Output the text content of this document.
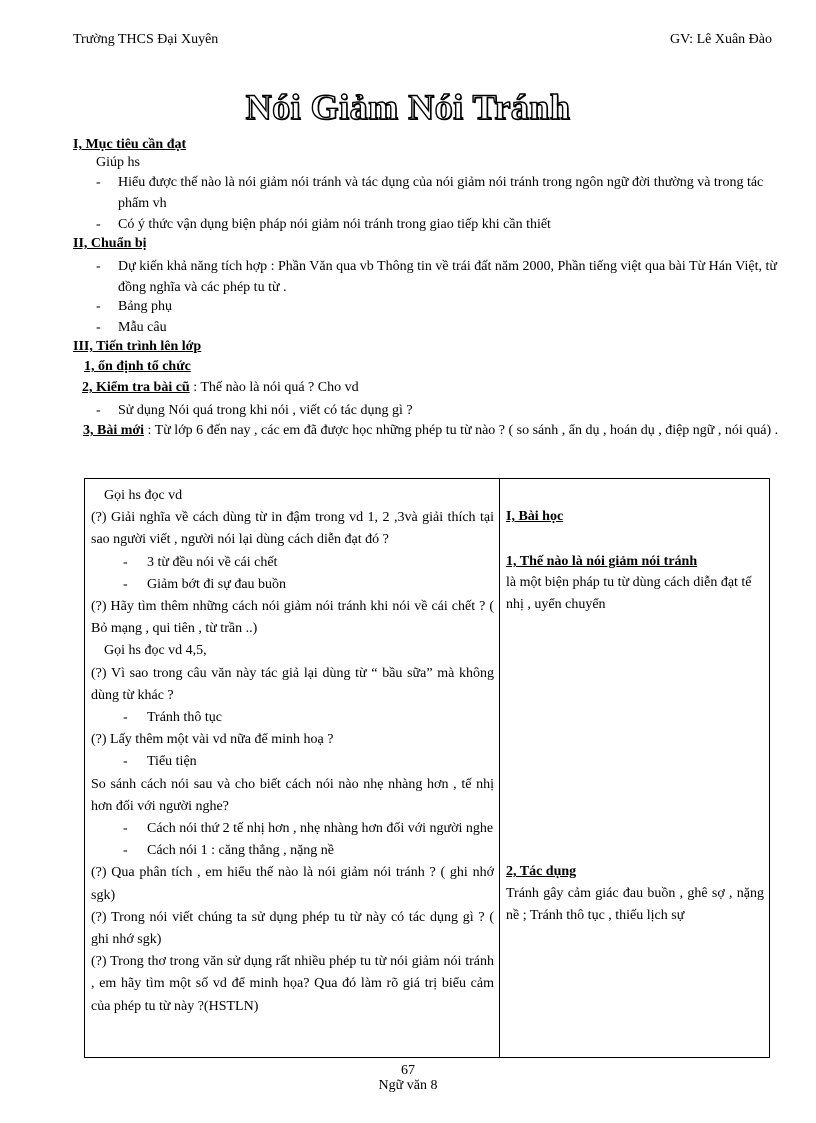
Trường THCS Đại Xuyên	GV: Lê Xuân Đào
Nói Giảm Nói Tránh
I, Mục tiêu cần đạt
Giúp hs
- Hiểu được thế nào là nói giảm nói tránh và tác dụng của nói giảm nói tránh trong ngôn ngữ đời thường và trong tác phẩm vh
- Có ý thức vận dụng biện pháp nói giảm nói tránh trong giao tiếp khi cần thiết
II, Chuẩn bị
- Dự kiến khả năng tích hợp : Phần Văn qua vb Thông tin về trái đất năm 2000, Phần tiếng việt qua bài Từ Hán Việt, từ đồng nghĩa và các phép tu từ .
- Bảng phụ
- Mẫu câu
III, Tiến trình lên lớp
1, ổn định tổ chức
2, Kiểm tra bài cũ : Thế nào là nói quá ? Cho vd
- Sử dụng Nói quá trong khi nói , viết có tác dụng gì ?
3, Bài mới : Từ lớp 6 đến nay , các em đã được học những phép tu từ nào ? ( so sánh , ẩn dụ , hoán dụ , điệp ngữ , nói quá) .
Gọi hs đọc vd
(?) Giải nghĩa về cách dùng từ in đậm trong vd 1, 2 ,3và giải thích tại sao người viết , người nói lại dùng cách diễn đạt đó ?
- 3 từ đều nói về cái chết
- Giảm bớt đi sự đau buồn
(?) Hãy tìm thêm những cách nói giảm nói tránh khi nói về cái chết ? ( Bỏ mạng , qui tiên , từ trần ..)
Gọi hs đọc vd 4,5,
(?) Vì sao trong câu văn này tác giả lại dùng từ “ bầu sữa” mà không dùng từ khác ?
- Tránh thô tục
(?) Lấy thêm một vài vd nữa để minh hoạ ?
- Tiểu tiện
So sánh cách nói sau và cho biết cách nói nào nhẹ nhàng hơn , tế nhị hơn đối với người nghe?
- Cách nói thứ 2 tế nhị hơn , nhẹ nhàng hơn đối với người nghe
- Cách nói 1 : căng thẳng , nặng nề
(?) Qua phân tích , em hiểu thế nào là nói giảm nói tránh ? ( ghi nhớ sgk)
(?) Trong nói viết chúng ta sử dụng phép tu từ này có tác dụng gì ? ( ghi nhớ sgk)
(?) Trong thơ trong văn sử dụng rất nhiều phép tu từ nói giảm nói tránh , em hãy tìm một số vd để minh họa? Qua đó làm rõ giá trị biểu cảm của phép tu từ này ?(HSTLN)
I, Bài học
1, Thế nào là nói giảm nói tránh
là một biện pháp tu từ dùng cách diễn đạt tế nhị , uyển chuyển
2, Tác dụng
Tránh gây cảm giác đau buồn , ghê sợ , nặng nề ; Tránh thô tục , thiếu lịch sự
67
Ngữ văn 8
